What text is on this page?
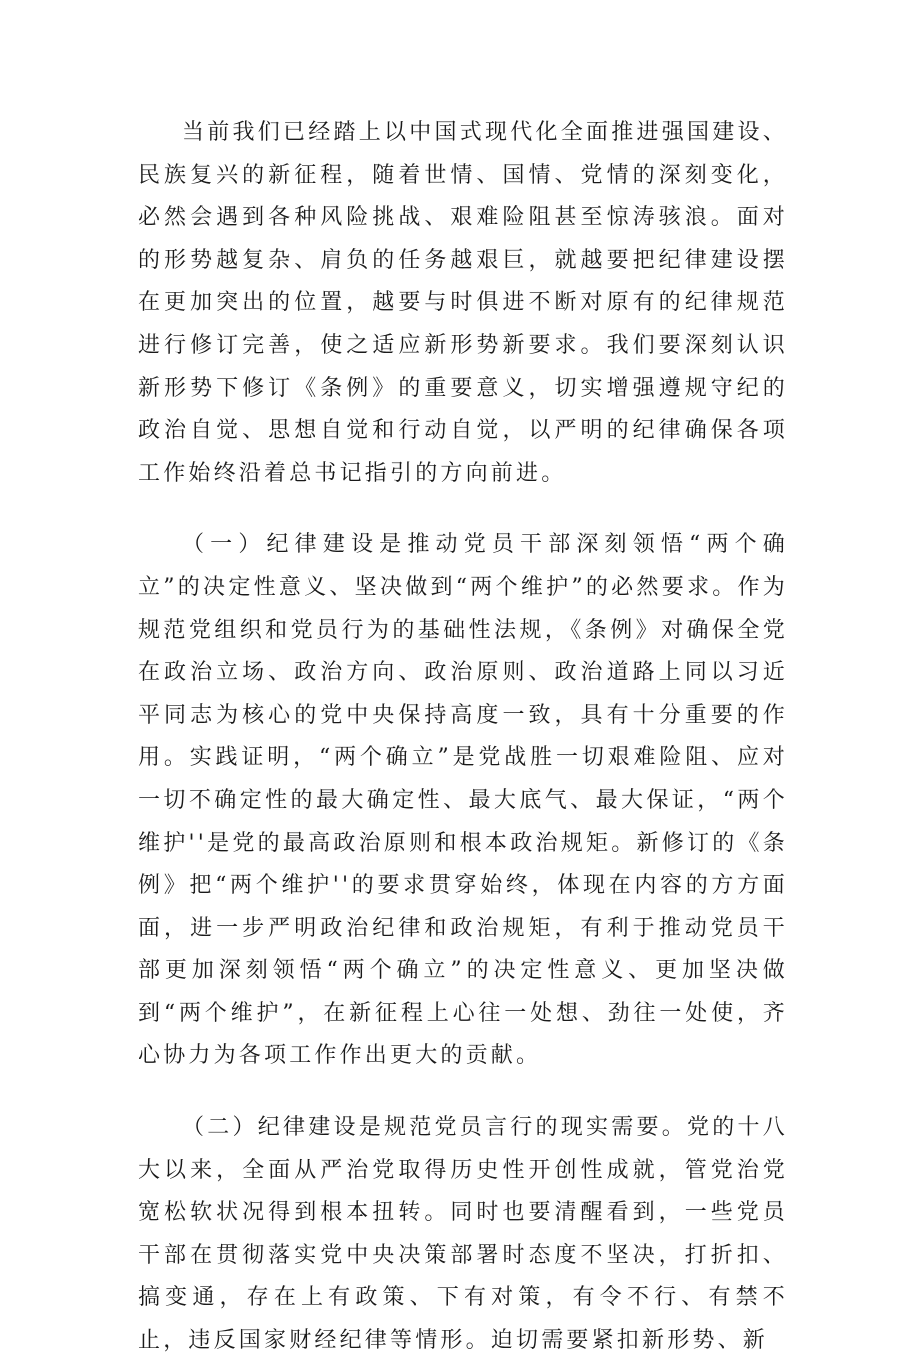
当前我们已经踏上以中国式现代化全面推进强国建设、民族复兴的新征程，随着世情、国情、党情的深刻变化，必然会遇到各种风险挑战、艰难险阻甚至惊涛骇浪。面对的形势越复杂、肩负的任务越艰巨，就越要把纪律建设摆在更加突出的位置，越要与时俱进不断对原有的纪律规范进行修订完善，使之适应新形势新要求。我们要深刻认识新形势下修订《条例》的重要意义，切实增强遵规守纪的政治自觉、思想自觉和行动自觉，以严明的纪律确保各项工作始终沿着总书记指引的方向前进。

（一）纪律建设是推动党员干部深刻领悟“两个确立”的决定性意义、坚决做到“两个维护”的必然要求。作为规范党组织和党员行为的基础性法规，《条例》对确保全党在政治立场、政治方向、政治原则、政治道路上同以习近平同志为核心的党中央保持高度一致，具有十分重要的作用。实践证明，“两个确立”是党战胜一切艰难险阻、应对一切不确定性的最大确定性、最大底气、最大保证，“两个维护''是党的最高政治原则和根本政治规矩。新修订的《条例》把“两个维护''的要求贯穿始终，体现在内容的方方面面，进一步严明政治纪律和政治规矩，有利于推动党员干部更加深刻领悟“两个确立”的决定性意义、更加坚决做到“两个维护”，在新征程上心往一处想、劲往一处使，齐心协力为各项工作作出更大的贡献。

（二）纪律建设是规范党员言行的现实需要。党的十八大以来，全面从严治党取得历史性开创性成就，管党治党宽松软状况得到根本扭转。同时也要清醒看到，一些党员干部在贯彻落实党中央决策部署时态度不坚决，打折扣、搞变通，存在上有政策、下有对策，有令不行、有禁不止，违反国家财经纪律等情形。迫切需要紧扣新形势、新
